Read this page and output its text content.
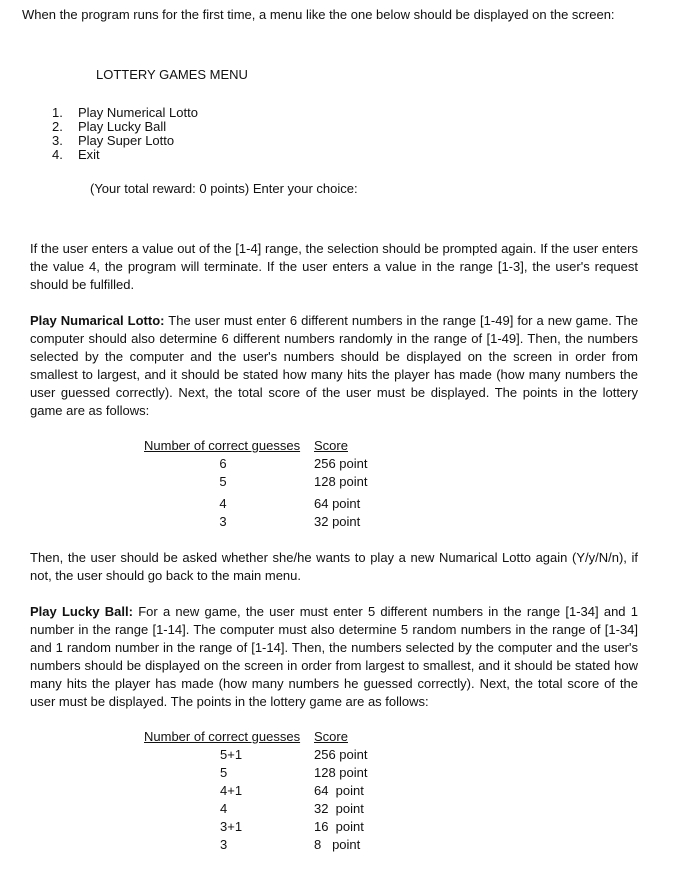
When the program runs for the first time, a menu like the one below should be displayed on the screen:
LOTTERY GAMES MENU
1.	Play Numerical Lotto
2.	Play Lucky Ball
3.	Play Super Lotto
4.	Exit
(Your total reward: 0 points) Enter your choice:
If the user enters a value out of the [1-4] range, the selection should be prompted again. If the user enters the value 4, the program will terminate. If the user enters a value in the range [1-3], the user's request should be fulfilled.
Play Numarical Lotto: The user must enter 6 different numbers in the range [1-49] for a new game. The computer should also determine 6 different numbers randomly in the range of [1-49]. Then, the numbers selected by the computer and the user's numbers should be displayed on the screen in order from smallest to largest, and it should be stated how many hits the player has made (how many numbers the user guessed correctly). Next, the total score of the user must be displayed. The points in the lottery game are as follows:
Number of correct guesses Score
6	256 point
5	128 point
4	64 point
3	32 point
Then, the user should be asked whether she/he wants to play a new Numarical Lotto again (Y/y/N/n), if not, the user should go back to the main menu.
Play Lucky Ball: For a new game, the user must enter 5 different numbers in the range [1-34] and 1 number in the range [1-14]. The computer must also determine 5 random numbers in the range of [1-34] and 1 random number in the range of [1-14]. Then, the numbers selected by the computer and the user's numbers should be displayed on the screen in order from largest to smallest, and it should be stated how many hits the player has made (how many numbers he guessed correctly). Next, the total score of the user must be displayed. The points in the lottery game are as follows:
Number of correct guesses Score
5+1	256 point
5	128 point
4+1	64  point
4	32  point
3+1	16  point
3	8   point
